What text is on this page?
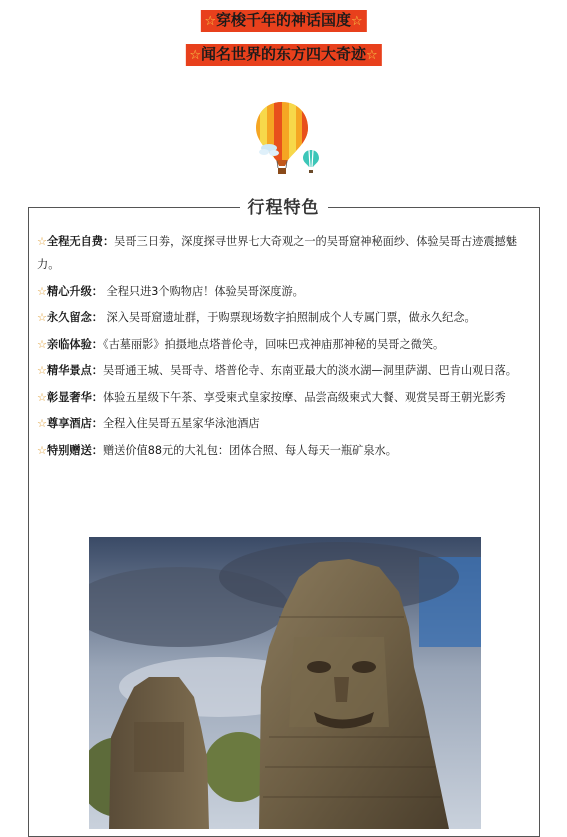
☆穿梭千年的神话国度☆
☆闻名世界的东方四大奇迹☆
行程特色
☆全程无自费：吴哥三日劵，深度探寻世界七大奇观之一的吴哥窟神秘面纱、体验吴哥古迹震撼魅力。
☆精心升级： 全程只进3个购物店！体验吴哥深度游。
☆永久留念： 深入吴哥窟遗址群，于购票现场数字拍照制成个人专属门票，做永久纪念。
☆亲临体验：《古墓丽影》拍摄地点塔普伦寺，回味巴戎神庙那神秘的吴哥之微笑。
☆精华景点：吴哥通王城、吴哥寺、塔普伦寺、东南亚最大的淡水湖—洞里萨湖、巴肯山观日落。
☆彰显奢华：体验五星级下午茶、享受柬式皇家按摩、品尝高级柬式大餐、观赏吴哥王朝光影秀
☆尊享酒店：全程入住吴哥五星家华泳池酒店
☆特别赠送：赠送价值88元的大礼包：团体合照、每人每天一瓶矿泉水。
